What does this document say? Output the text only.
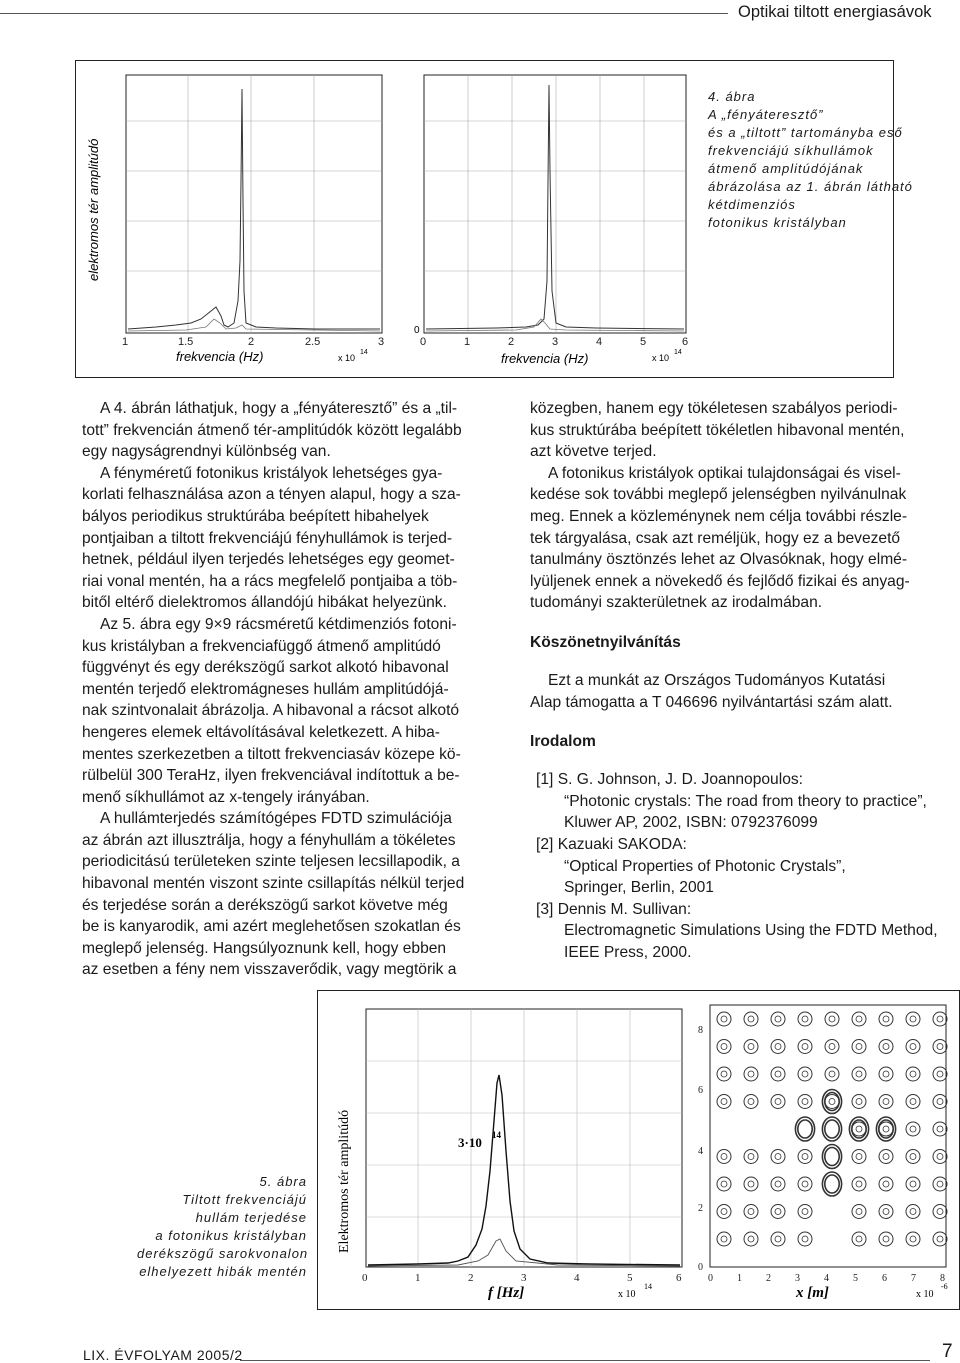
Optikai tiltott energiasávok
elektromos tér amplitúdó
1	1.5	2	2.5	3
frekvencia (Hz)	x 10
14
0
0	1	2	3	4	5	6
frekvencia (Hz)	x 10
14
4. ábra
A „fényáteresztő”
és a „tiltott” tartományba eső
frekvenciájú síkhullámok
átmenő amplitúdójának
ábrázolása az 1. ábrán látható
kétdimenziós
fotonikus kristályban
A 4. ábrán láthatjuk, hogy a „fényáteresztő” és a „til-
tott” frekvencián átmenő tér-amplitúdók között legalább
egy nagyságrendnyi különbség van.
A fényméretű fotonikus kristályok lehetséges gya-
korlati felhasználása azon a tényen alapul, hogy a sza-
bályos periodikus struktúrába beépített hibahelyek
pontjaiban a tiltott frekvenciájú fényhullámok is terjed-
hetnek, például ilyen terjedés lehetséges egy geomet-
riai vonal mentén, ha a rács megfelelő pontjaiba a töb-
bitől eltérő dielektromos állandójú hibákat helyezünk.
Az 5. ábra egy 9×9 rácsméretű kétdimenziós fotoni-
kus kristályban a frekvenciafüggő átmenő amplitúdó
függvényt és egy derékszögű sarkot alkotó hibavonal
mentén terjedő elektromágneses hullám amplitúdójá-
nak szintvonalait ábrázolja. A hibavonal a rácsot alkotó
hengeres elemek eltávolításával keletkezett. A hiba-
mentes szerkezetben a tiltott frekvenciasáv közepe kö-
rülbelül 300 TeraHz, ilyen frekvenciával indítottuk a be-
menő síkhullámot az x-tengely irányában.
A hullámterjedés számítógépes FDTD szimulációja
az ábrán azt illusztrálja, hogy a fényhullám a tökéletes
periodicitású területeken szinte teljesen lecsillapodik, a
hibavonal mentén viszont szinte csillapítás nélkül terjed
és terjedése során a derékszögű sarkot követve még
be is kanyarodik, ami azért meglehetősen szokatlan és
meglepő jelenség. Hangsúlyoznunk kell, hogy ebben
az esetben a fény nem visszaverődik, vagy megtörik a
közegben, hanem egy tökéletesen szabályos periodi-
kus struktúrába beépített tökéletlen hibavonal mentén,
azt követve terjed.
A fotonikus kristályok optikai tulajdonságai és visel-
kedése sok további meglepő jelenségben nyilvánulnak
meg. Ennek a közleménynek nem célja további részle-
tek tárgyalása, csak azt reméljük, hogy ez a bevezető
tanulmány ösztönzés lehet az Olvasóknak, hogy elmé-
lyüljenek ennek a növekedő és fejlődő fizikai és anyag-
tudományi szakterületnek az irodalmában.
Köszönetnyilvánítás
Ezt a munkát az Országos Tudományos Kutatási
Alap támogatta a T 046696 nyilvántartási szám alatt.
Irodalom
[1] S. G. Johnson, J. D. Joannopoulos:
“Photonic crystals: The road from theory to practice”,
Kluwer AP, 2002, ISBN: 0792376099
[2] Kazuaki SAKODA:
“Optical Properties of Photonic Crystals”,
Springer, Berlin, 2001
[3] Dennis M. Sullivan:
Electromagnetic Simulations Using the FDTD Method,
IEEE Press, 2000.
5. ábra
Tiltott frekvenciájú
hullám terjedése
a fotonikus kristályban
derékszögű sarokvonalon
elhelyezett hibák mentén
Elektromos tér amplitúdó	3·10 14
0	1	2	3	4	5	6
f [Hz]	x 10
14
8
6
4
2
0
0 1 2 3 4 5 6 7 8
x [m]	x 10
-6
LIX. ÉVFOLYAM 2005/2	7
